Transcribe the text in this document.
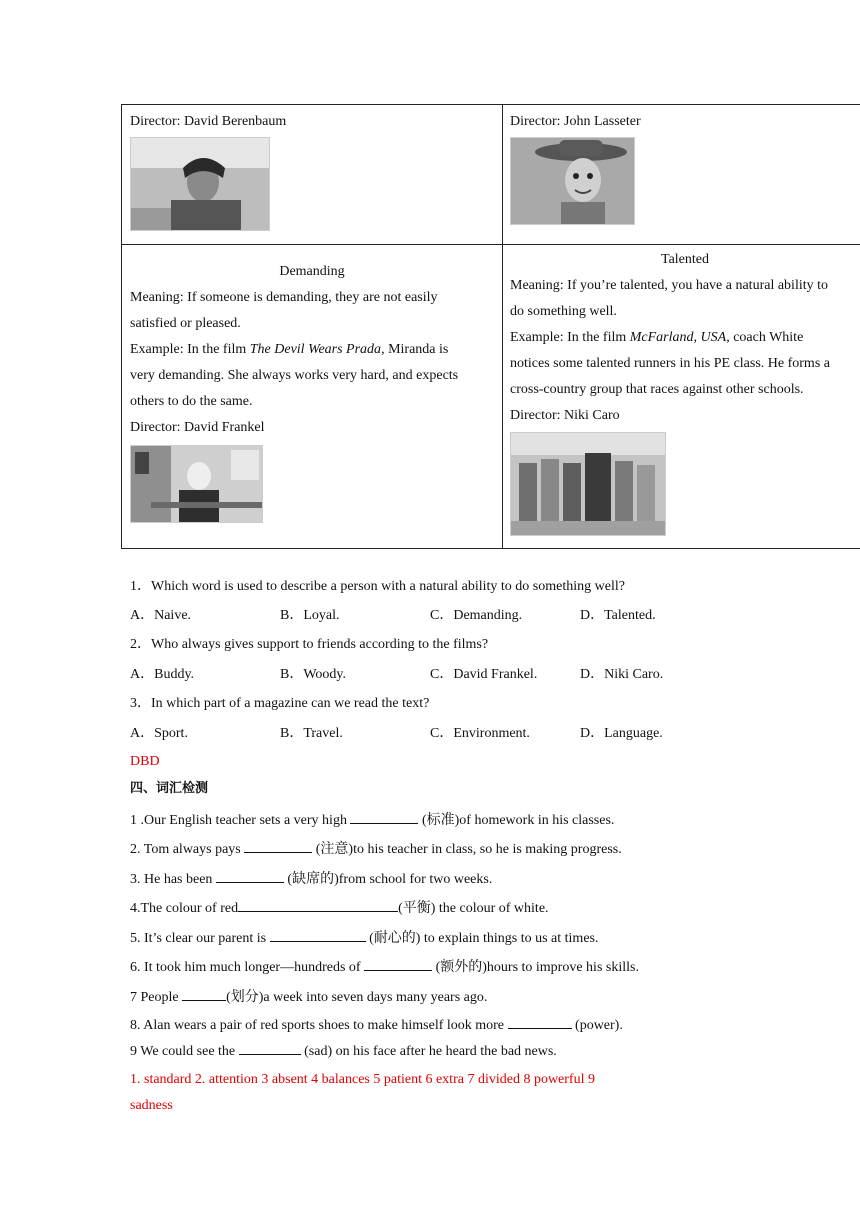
Director: David Berenbaum	Director: John Lasseter
Demanding
Meaning: If someone is demanding, they are not easily
satisfied or pleased.
Example: In the film The Devil Wears Prada, Miranda is
very demanding. She always works very hard, and expects
others to do the same.
Director: David Frankel
Talented
Meaning: If you’re talented, you have a natural ability to
do something well.
Example: In the film McFarland, USA, coach White
notices some talented runners in his PE class. He forms a
cross-country group that races against other schools.
Director: Niki Caro
1．Which word is used to describe a person with a natural ability to do something well?
A．Naive.	B．Loyal.	C．Demanding.	D．Talented.
2．Who always gives support to friends according to the films?
A．Buddy.	B．Woody.	C．David Frankel.	D．Niki Caro.
3．In which part of a magazine can we read the text?
A．Sport.	B．Travel.	C．Environment.	D．Language.
DBD
四、词汇检测
1 .Our English teacher sets a very high	(标准)of homework in his classes.
2. Tom always pays	(注意)to his teacher in class, so he is making progress.
3. He has been	(缺席的)from school for two weeks.
4.The colour of red	(平衡) the colour of white.
5. It’s clear our parent is	(耐心的) to explain things to us at times.
6. It took him much longer—hundreds of	(额外的)hours to improve his skills.
7 People	(划分)a week into seven days many years ago.
8. Alan wears a pair of red sports shoes to make himself look more	(power).
9 We could see the	(sad) on his face after he heard the bad news.
1. standard 2. attention 3 absent 4 balances 5 patient 6 extra 7 divided 8 powerful 9
sadness
